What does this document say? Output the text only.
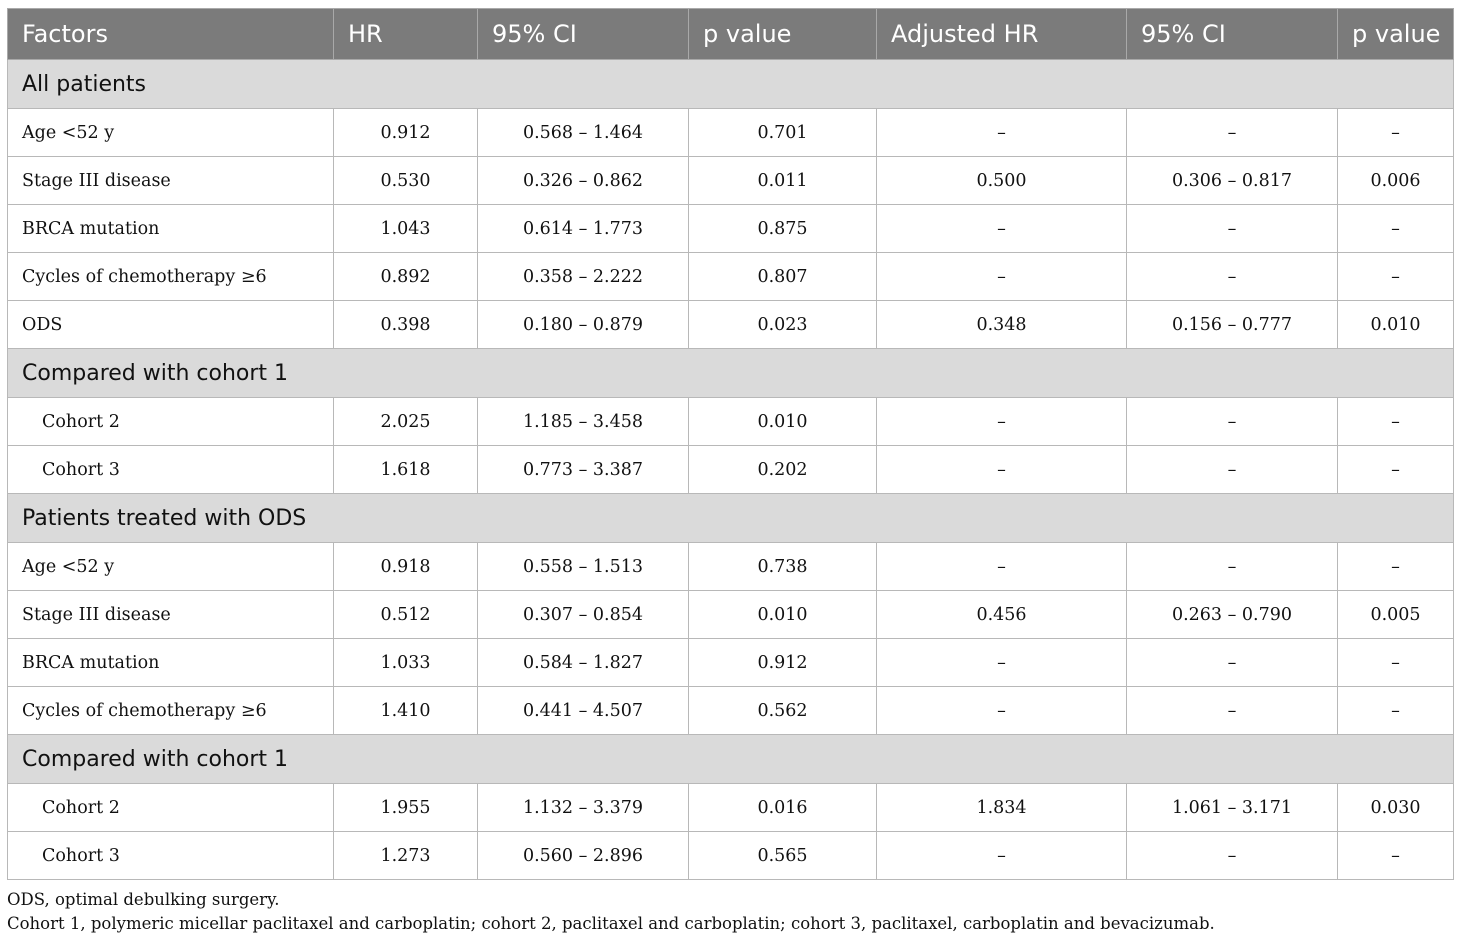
Factors	HR	95% CI	p value	Adjusted HR	95% CI	p value
All patients						
Age <52 y	0.912	0.568 – 1.464	0.701	–	–	–
Stage III disease	0.530	0.326 – 0.862	0.011	0.500	0.306 – 0.817	0.006
BRCA mutation	1.043	0.614 – 1.773	0.875	–	–	–
Cycles of chemotherapy ≥6	0.892	0.358 – 2.222	0.807	–	–	–
ODS	0.398	0.180 – 0.879	0.023	0.348	0.156 – 0.777	0.010
Compared with cohort 1						
Cohort 2	2.025	1.185 – 3.458	0.010	–	–	–
Cohort 3	1.618	0.773 – 3.387	0.202	–	–	–
Patients treated with ODS						
Age <52 y	0.918	0.558 – 1.513	0.738	–	–	–
Stage III disease	0.512	0.307 – 0.854	0.010	0.456	0.263 – 0.790	0.005
BRCA mutation	1.033	0.584 – 1.827	0.912	–	–	–
Cycles of chemotherapy ≥6	1.410	0.441 – 4.507	0.562	–	–	–
Compared with cohort 1						
Cohort 2	1.955	1.132 – 3.379	0.016	1.834	1.061 – 3.171	0.030
Cohort 3	1.273	0.560 – 2.896	0.565	–	–	–

ODS, optimal debulking surgery.

Cohort 1, polymeric micellar paclitaxel and carboplatin; cohort 2, paclitaxel and carboplatin; cohort 3, paclitaxel, carboplatin and bevacizumab.
